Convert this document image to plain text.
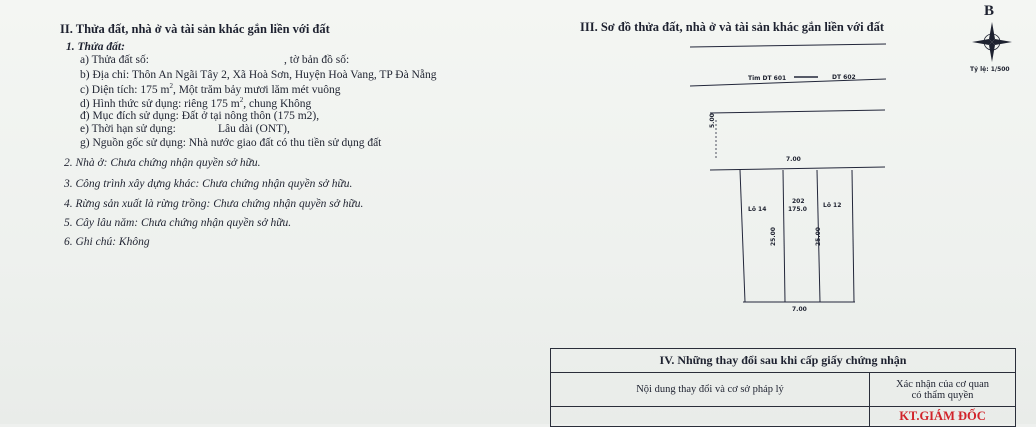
B
II. Thửa đất, nhà ở và tài sản khác gắn liền với đất
1. Thửa đất:
a) Thửa đất số:	, tờ bản đồ số:
b) Địa chỉ: Thôn An Ngãi Tây 2, Xã Hoà Sơn, Huyện Hoà Vang, TP Đà Nẵng
c) Diện tích: 175 $m^2$, Một trăm bảy mươi lăm mét vuông
d) Hình thức sử dụng: riêng 175 $m^2$, chung Không
đ) Mục đích sử dụng: Đất ở tại nông thôn (175 m2),
e) Thời hạn sử dụng:	Lâu dài (ONT),
g) Nguồn gốc sử dụng: Nhà nước giao đất có thu tiền sử dụng đất
2. Nhà ở: Chưa chứng nhận quyền sở hữu.
3. Công trình xây dựng khác: Chưa chứng nhận quyền sở hữu.
4. Rừng sản xuất là rừng trồng: Chưa chứng nhận quyền sở hữu.
5. Cây lâu năm: Chưa chứng nhận quyền sở hữu.
6. Ghi chú: Không
III. Sơ đồ thửa đất, nhà ở và tài sản khác gắn liền với đất
Tỷ lệ: 1/500
Tim DT 601	DT 602
5.00
7.00
Lô 14
Lô 12
202
175.0
25.00	25.00
7.00
IV. Những thay đổi sau khi cấp giấy chứng nhận	
Nội dung thay đổi và cơ sở pháp lý	Xác nhận của cơ quan
có thẩm quyền

	KT.GIÁM ĐỐC
